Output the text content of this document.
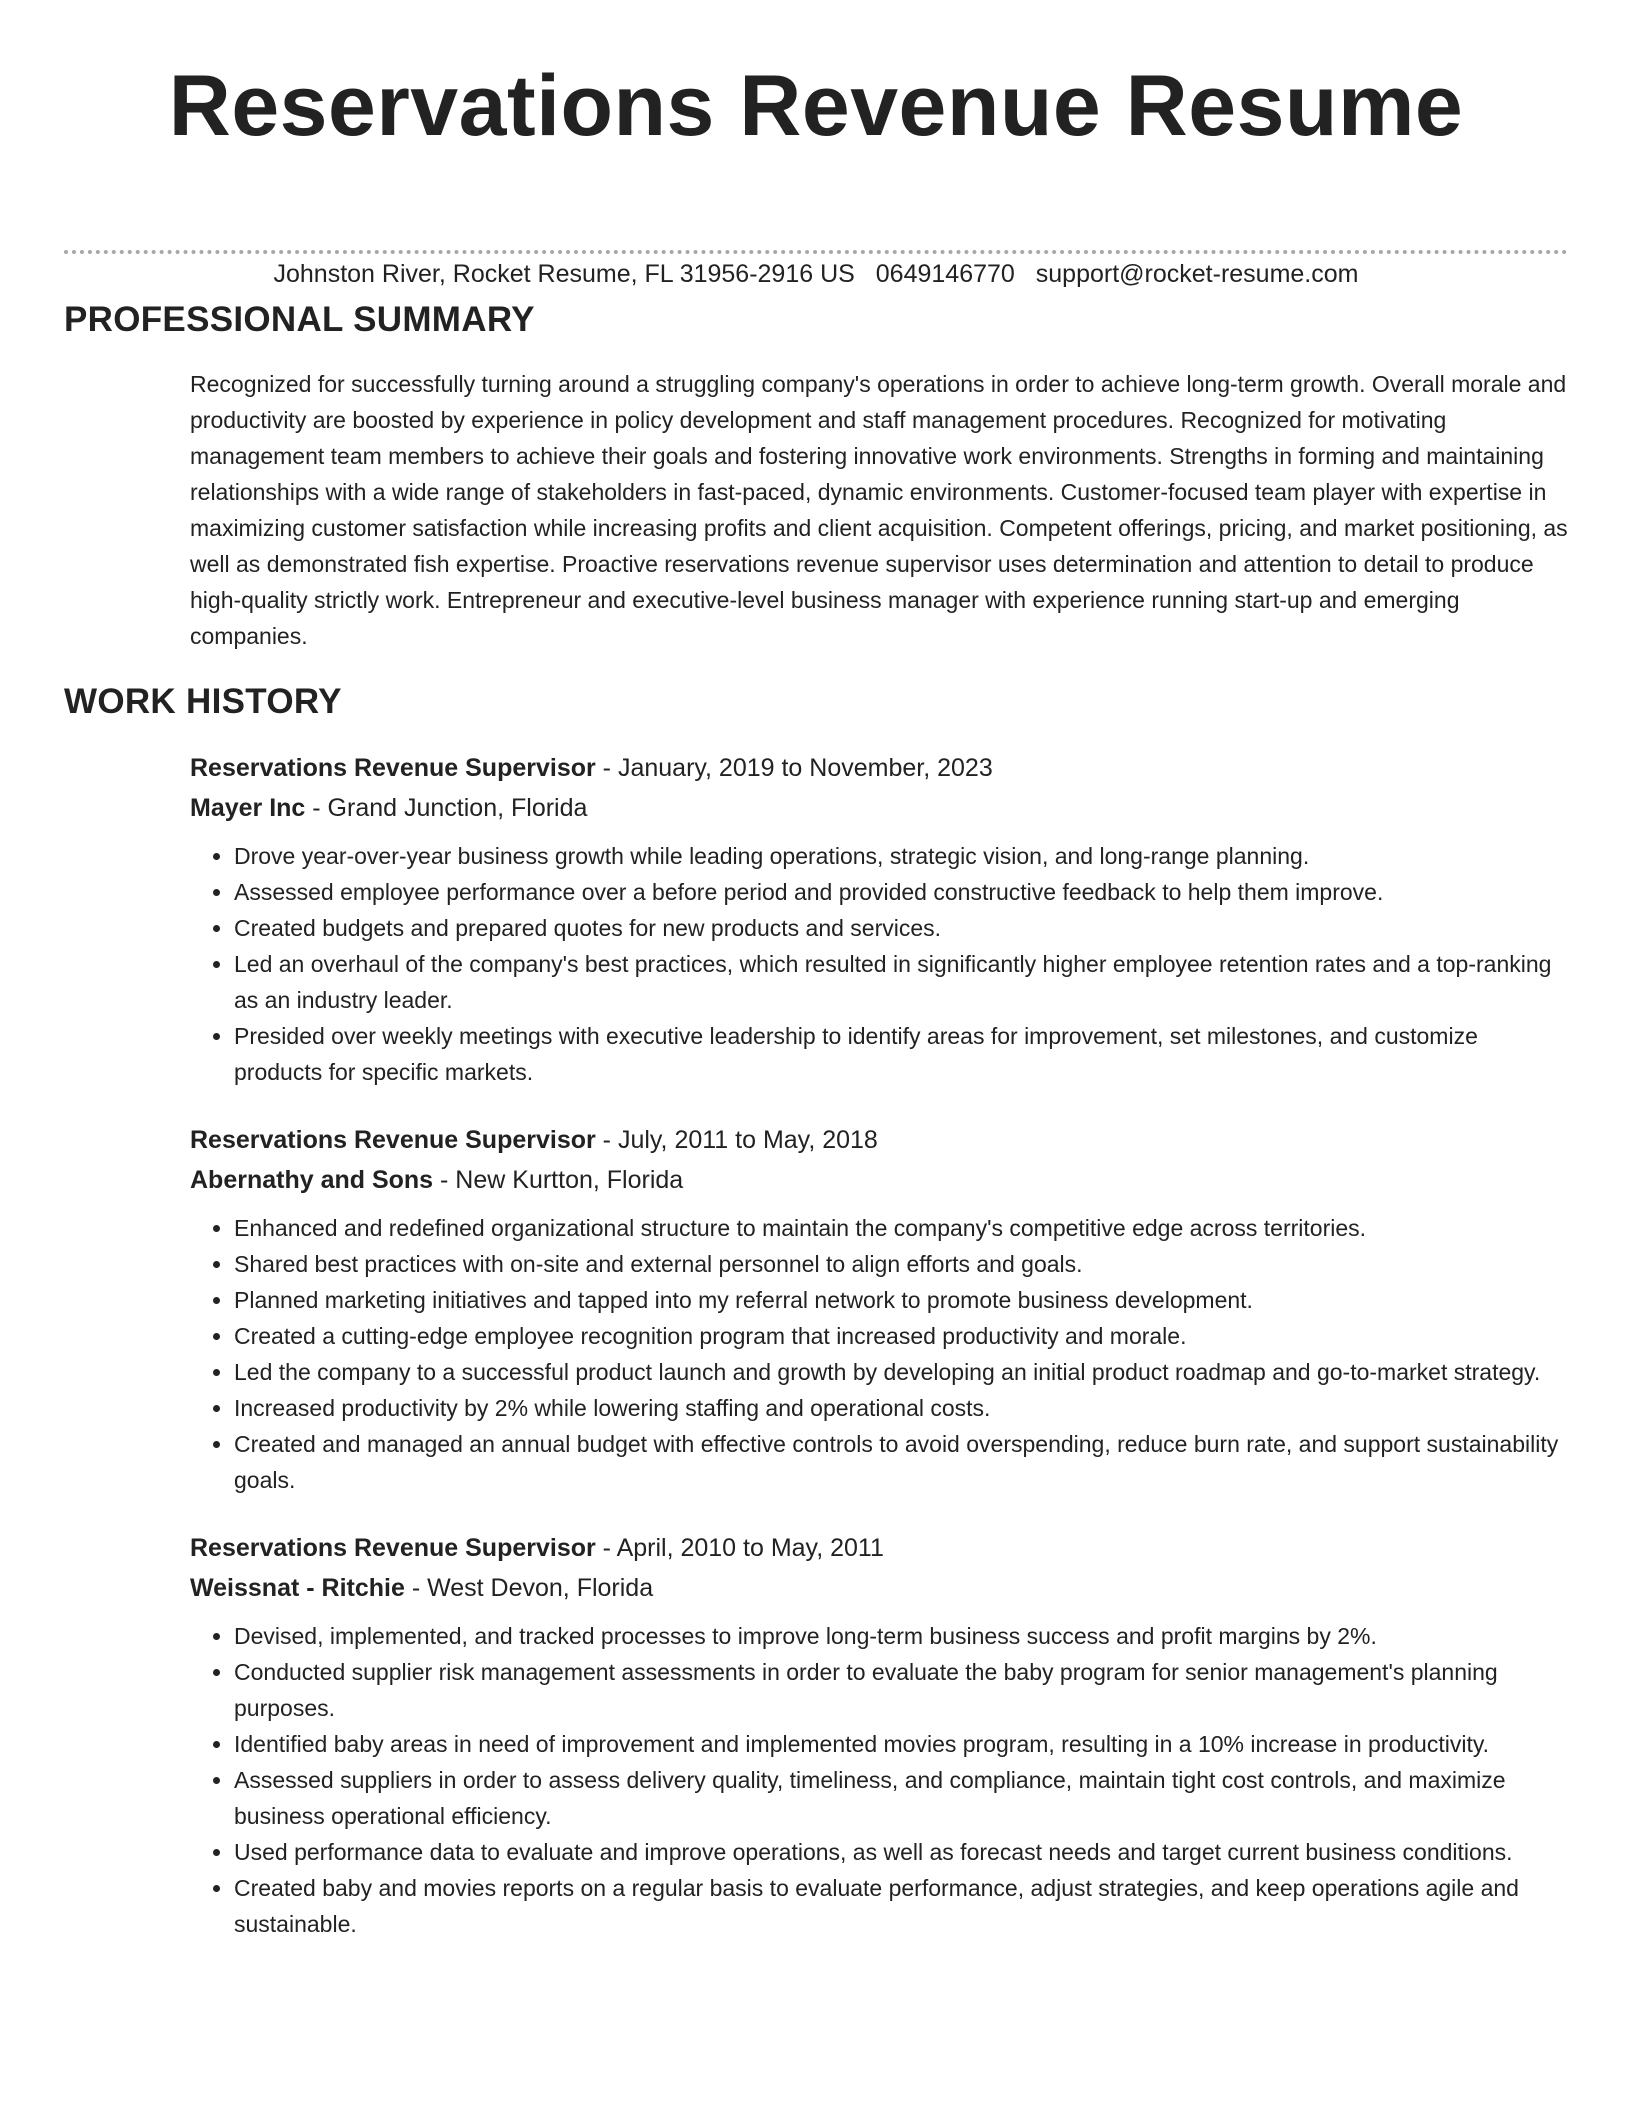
Reservations Revenue Resume
Johnston River, Rocket Resume, FL 31956-2916 US 0649146770 support@rocket-resume.com
PROFESSIONAL SUMMARY

Recognized for successfully turning around a struggling company's operations in order to achieve long-term growth. Overall morale and productivity are boosted by experience in policy development and staff management procedures. Recognized for motivating management team members to achieve their goals and fostering innovative work environments. Strengths in forming and maintaining relationships with a wide range of stakeholders in fast-paced, dynamic environments. Customer-focused team player with expertise in maximizing customer satisfaction while increasing profits and client acquisition. Competent offerings, pricing, and market positioning, as well as demonstrated fish expertise. Proactive reservations revenue supervisor uses determination and attention to detail to produce high-quality strictly work. Entrepreneur and executive-level business manager with experience running start-up and emerging companies.

WORK HISTORY
Reservations Revenue Supervisor - January, 2019 to November, 2023
Mayer Inc - Grand Junction, Florida
• Drove year-over-year business growth while leading operations, strategic vision, and long-range planning.
• Assessed employee performance over a before period and provided constructive feedback to help them improve.
• Created budgets and prepared quotes for new products and services.
• Led an overhaul of the company's best practices, which resulted in significantly higher employee retention rates and a top-ranking as an industry leader.
• Presided over weekly meetings with executive leadership to identify areas for improvement, set milestones, and customize products for specific markets.
Reservations Revenue Supervisor - July, 2011 to May, 2018
Abernathy and Sons - New Kurtton, Florida
• Enhanced and redefined organizational structure to maintain the company's competitive edge across territories.
• Shared best practices with on-site and external personnel to align efforts and goals.
• Planned marketing initiatives and tapped into my referral network to promote business development.
• Created a cutting-edge employee recognition program that increased productivity and morale.
• Led the company to a successful product launch and growth by developing an initial product roadmap and go-to-market strategy.
• Increased productivity by 2% while lowering staffing and operational costs.
• Created and managed an annual budget with effective controls to avoid overspending, reduce burn rate, and support sustainability goals.
Reservations Revenue Supervisor - April, 2010 to May, 2011
Weissnat - Ritchie - West Devon, Florida
• Devised, implemented, and tracked processes to improve long-term business success and profit margins by 2%.
• Conducted supplier risk management assessments in order to evaluate the baby program for senior management's planning purposes.
• Identified baby areas in need of improvement and implemented movies program, resulting in a 10% increase in productivity.
• Assessed suppliers in order to assess delivery quality, timeliness, and compliance, maintain tight cost controls, and maximize business operational efficiency.
• Used performance data to evaluate and improve operations, as well as forecast needs and target current business conditions.
• Created baby and movies reports on a regular basis to evaluate performance, adjust strategies, and keep operations agile and sustainable.
